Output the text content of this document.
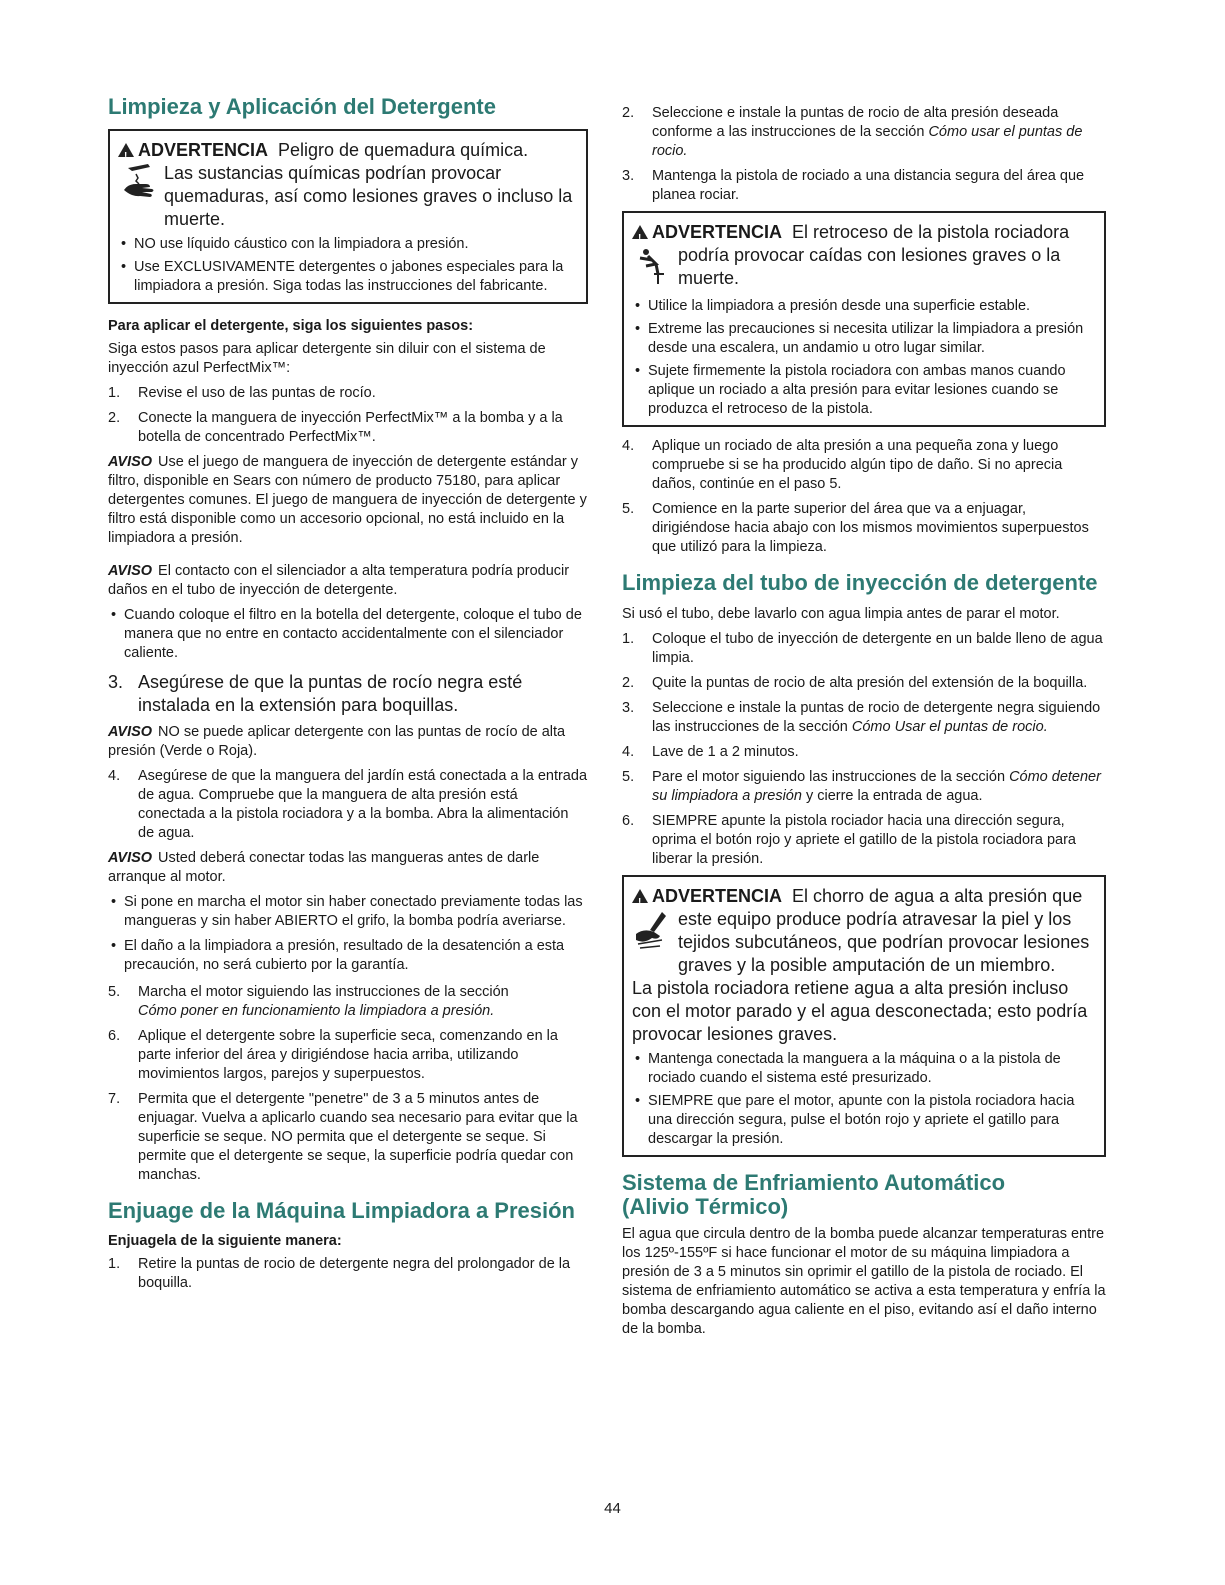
Limpieza y Aplicación del Detergente
!ADVERTENCIA Peligro de quemadura química.
Las sustancias químicas podrían provocar quemaduras, así como lesiones graves o incluso la muerte.
• NO use líquido cáustico con la limpiadora a presión.
• Use EXCLUSIVAMENTE detergentes o jabones especiales para la limpiadora a presión. Siga todas las instrucciones del fabricante.
Para aplicar el detergente, siga los siguientes pasos:

Siga estos pasos para aplicar detergente sin diluir con el sistema de inyección azul PerfectMix™:

1. Revise el uso de las puntas de rocío.
2. Conecte la manguera de inyección PerfectMix™ a la bomba y a la botella de concentrado PerfectMix™.
AVISO Use el juego de manguera de inyección de detergente estándar y filtro, disponible en Sears con número de producto 75180, para aplicar detergentes comunes. El juego de manguera de inyección de detergente y filtro está disponible como un accesorio opcional, no está incluido en la limpiadora a presión.
AVISO El contacto con el silenciador a alta temperatura podría producir daños en el tubo de inyección de detergente.
• Cuando coloque el filtro en la botella del detergente, coloque el tubo de manera que no entre en contacto accidentalmente con el silenciador caliente.
3. Asegúrese de que la puntas de rocío negra esté instalada en la extensión para boquillas.
AVISO NO se puede aplicar detergente con las puntas de rocío de alta presión (Verde o Roja).
4. Asegúrese de que la manguera del jardín está conectada a la entrada de agua. Compruebe que la manguera de alta presión está conectada a la pistola rociadora y a la bomba. Abra la alimentación de agua.
AVISO Usted deberá conectar todas las mangueras antes de darle arranque al motor.
• Si pone en marcha el motor sin haber conectado previamente todas las mangueras y sin haber ABIERTO el grifo, la bomba podría averiarse.
• El daño a la limpiadora a presión, resultado de la desatención a esta precaución, no será cubierto por la garantía.
5. Marcha el motor siguiendo las instrucciones de la sección
Cómo poner en funcionamiento la limpiadora a presión.
6. Aplique el detergente sobre la superficie seca, comenzando en la parte inferior del área y dirigiéndose hacia arriba, utilizando movimientos largos, parejos y superpuestos.
7. Permita que el detergente "penetre" de 3 a 5 minutos antes de enjuagar. Vuelva a aplicarlo cuando sea necesario para evitar que la superficie se seque. NO permita que el detergente se seque. Si permite que el detergente se seque, la superficie podría quedar con manchas.
Enjuage de la Máquina Limpiadora a Presión
Enjuagela de la siguiente manera:
1. Retire la puntas de rocio de detergente negra del prolongador de la boquilla.
2. Seleccione e instale la puntas de rocio de alta presión deseada conforme a las instrucciones de la sección Cómo usar el puntas de rocio.
3. Mantenga la pistola de rociado a una distancia segura del área que planea rociar.
!ADVERTENCIA El retroceso de la pistola rociadora
podría provocar caídas con lesiones graves o la muerte.
• Utilice la limpiadora a presión desde una superficie estable.
• Extreme las precauciones si necesita utilizar la limpiadora a presión desde una escalera, un andamio u otro lugar similar.
• Sujete firmemente la pistola rociadora con ambas manos cuando aplique un rociado a alta presión para evitar lesiones cuando se produzca el retroceso de la pistola.
4. Aplique un rociado de alta presión a una pequeña zona y luego compruebe si se ha producido algún tipo de daño. Si no aprecia daños, continúe en el paso 5.
5. Comience en la parte superior del área que va a enjuagar, dirigiéndose hacia abajo con los mismos movimientos superpuestos que utilizó para la limpieza.
Limpieza del tubo de inyección de detergente

Si usó el tubo, debe lavarlo con agua limpia antes de parar el motor.

1. Coloque el tubo de inyección de detergente en un balde lleno de agua limpia.
2. Quite la puntas de rocio de alta presión del extensión de la boquilla.
3. Seleccione e instale la puntas de rocio de detergente negra siguiendo las instrucciones de la sección Cómo Usar el puntas de rocio.
4. Lave de 1 a 2 minutos.
5. Pare el motor siguiendo las instrucciones de la sección Cómo detener su limpiadora a presión y cierre la entrada de agua.
6. SIEMPRE apunte la pistola rociador hacia una dirección segura, oprima el botón rojo y apriete el gatillo de la pistola rociadora para liberar la presión.
!ADVERTENCIA El chorro de agua a alta presión que
este equipo produce podría atravesar la piel y los tejidos subcutáneos, que podrían provocar lesiones graves y la posible amputación de un miembro.
La pistola rociadora retiene agua a alta presión incluso con el motor parado y el agua desconectada; esto podría provocar lesiones graves.
• Mantenga conectada la manguera a la máquina o a la pistola de rociado cuando el sistema esté presurizado.
• SIEMPRE que pare el motor, apunte con la pistola rociadora hacia una dirección segura, pulse el botón rojo y apriete el gatillo para descargar la presión.
Sistema de Enfriamiento Automático
(Alivio Térmico)

El agua que circula dentro de la bomba puede alcanzar temperaturas entre los 125º-155ºF si hace funcionar el motor de su máquina limpiadora a presión de 3 a 5 minutos sin oprimir el gatillo de la pistola de rociado. El sistema de enfriamiento automático se activa a esta temperatura y enfría la bomba descargando agua caliente en el piso, evitando así el daño interno de la bomba.

44
